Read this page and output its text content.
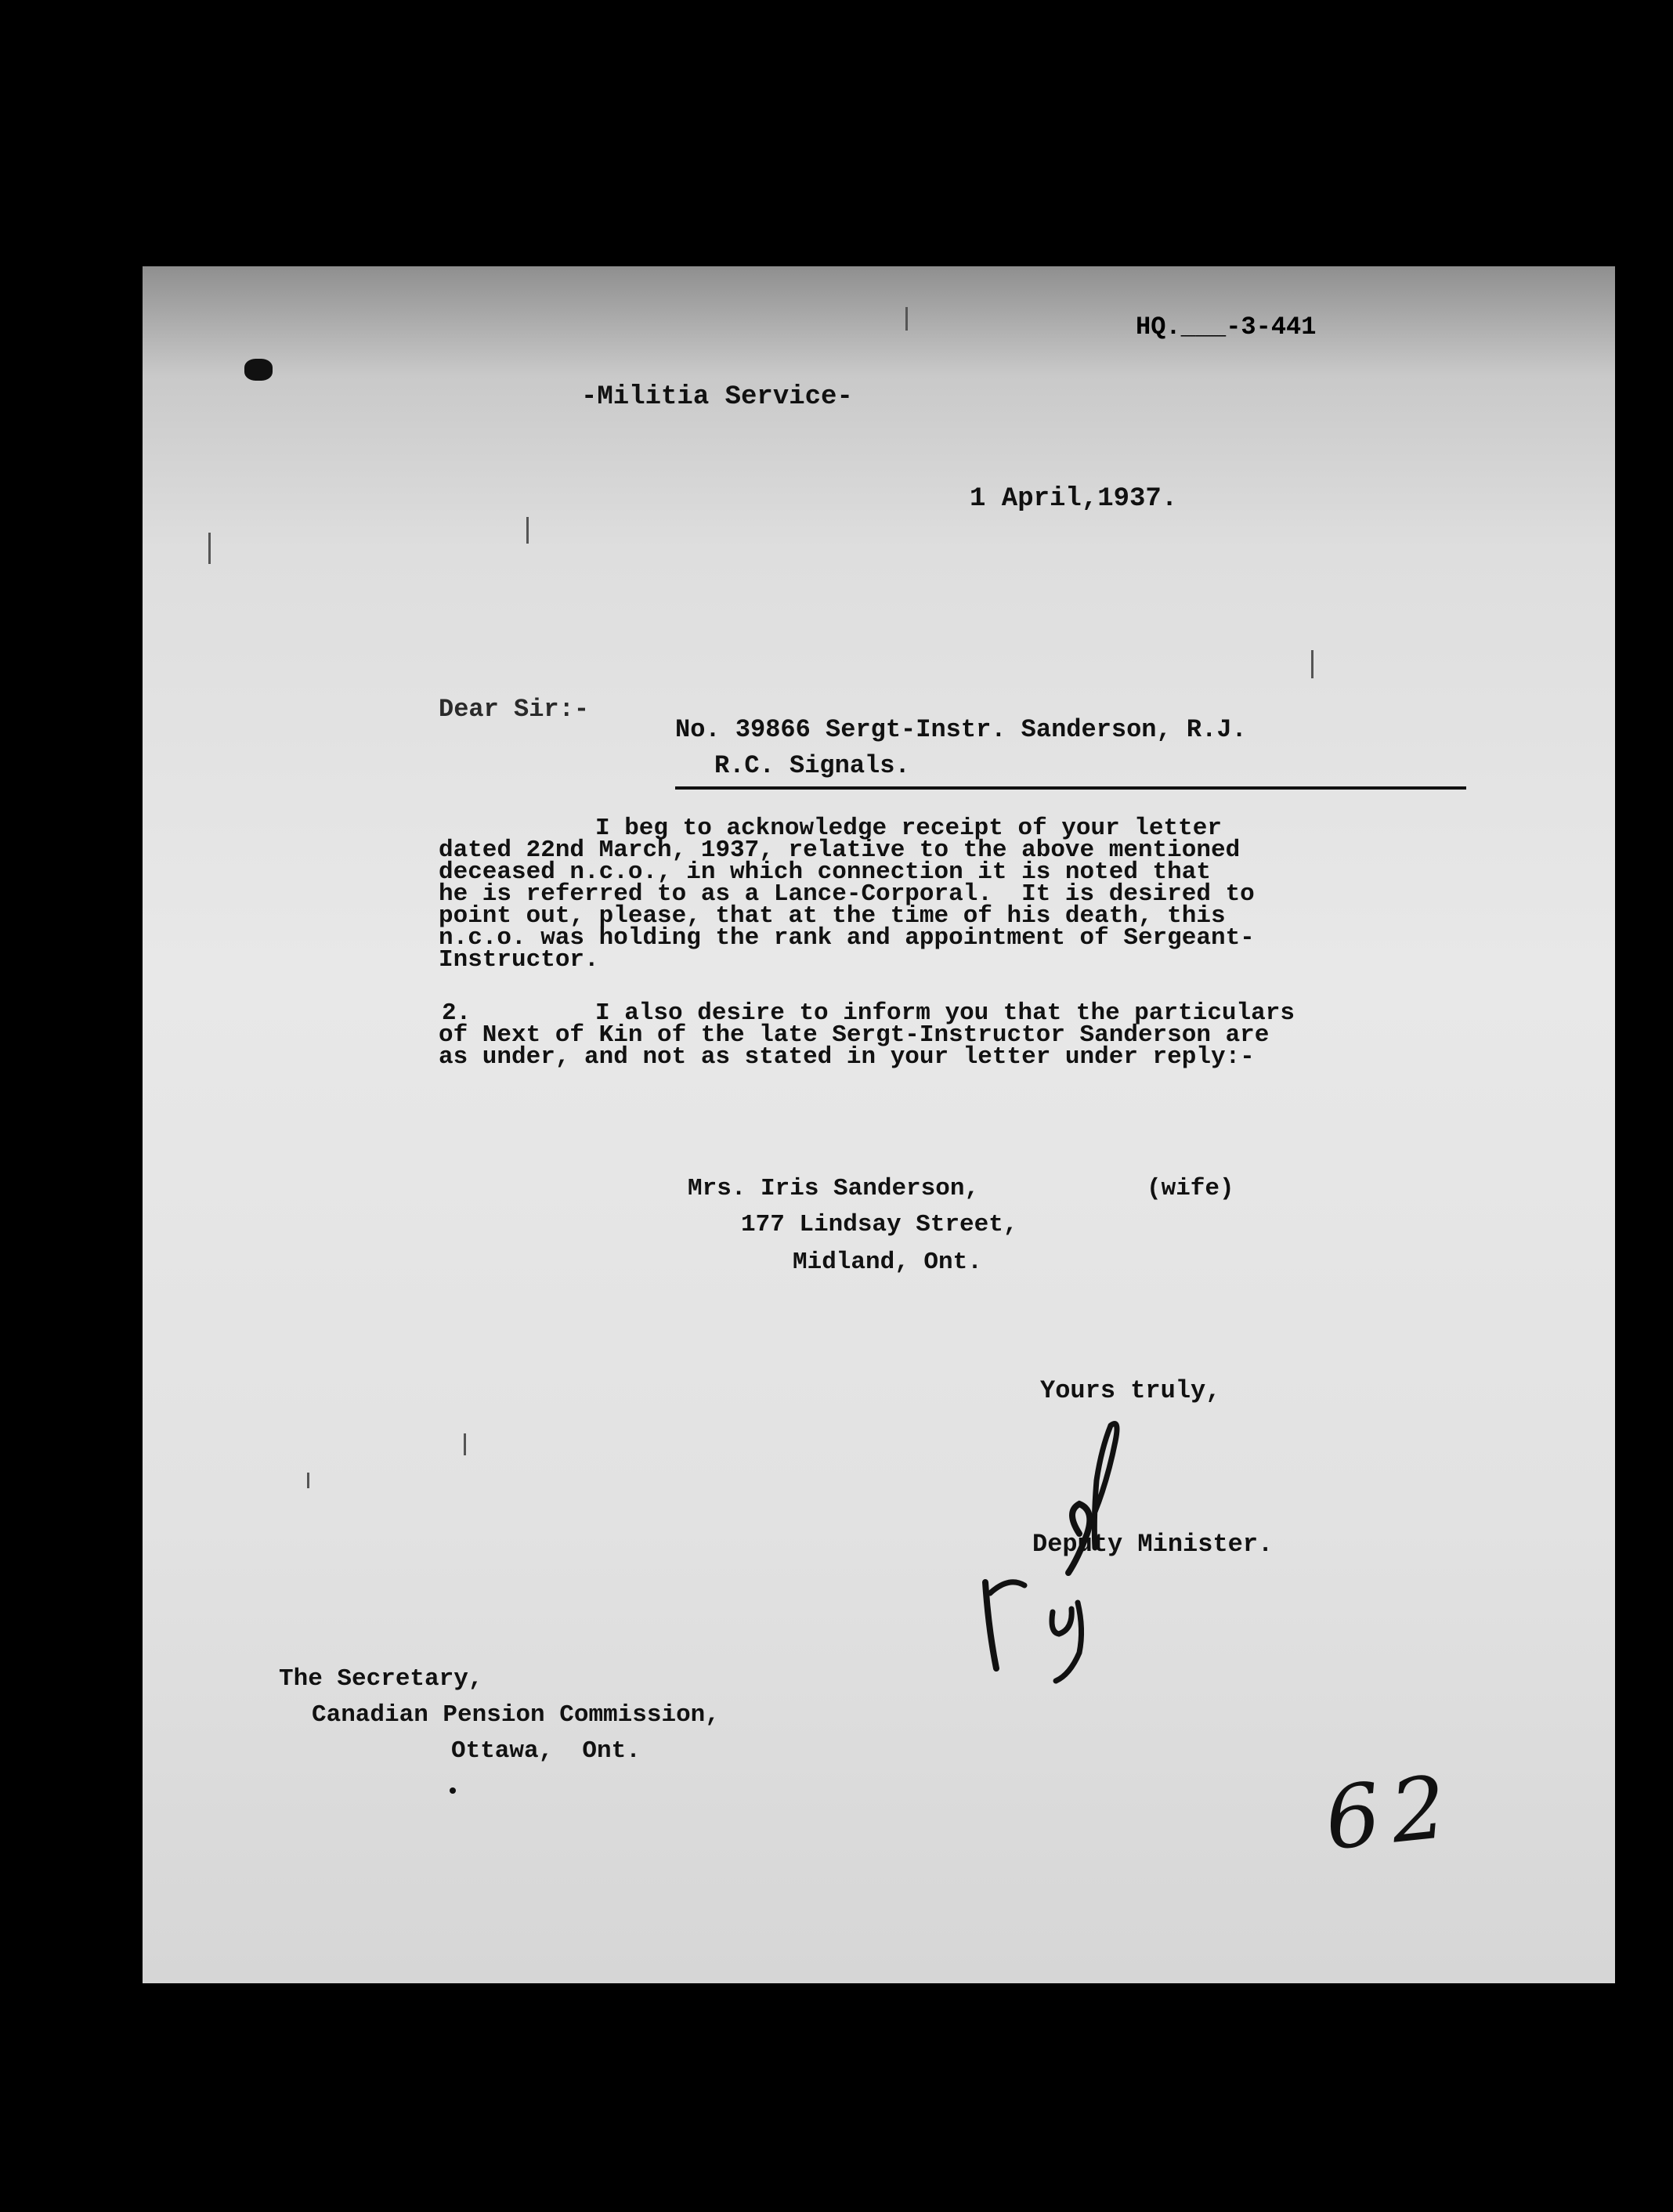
HQ.___-3-441
-Militia Service-
1 April,1937.
Dear Sir:-
No. 39866 Sergt-Instr. Sanderson, R.J.
R.C. Signals.
I beg to acknowledge receipt of your letter
dated 22nd March, 1937, relative to the above mentioned
deceased n.c.o., in which connection it is noted that
he is referred to as a Lance-Corporal.  It is desired to
point out, please, that at the time of his death, this
n.c.o. was holding the rank and appointment of Sergeant-
Instructor.
2.	I also desire to inform you that the particulars
of Next of Kin of the late Sergt-Instructor Sanderson are
as under, and not as stated in your letter under reply:-
Mrs. Iris Sanderson,	(wife)
177 Lindsay Street,
Midland, Ont.
Yours truly,
Deputy Minister.
The Secretary,
Canadian Pension Commission,
Ottawa,  Ont.
62
